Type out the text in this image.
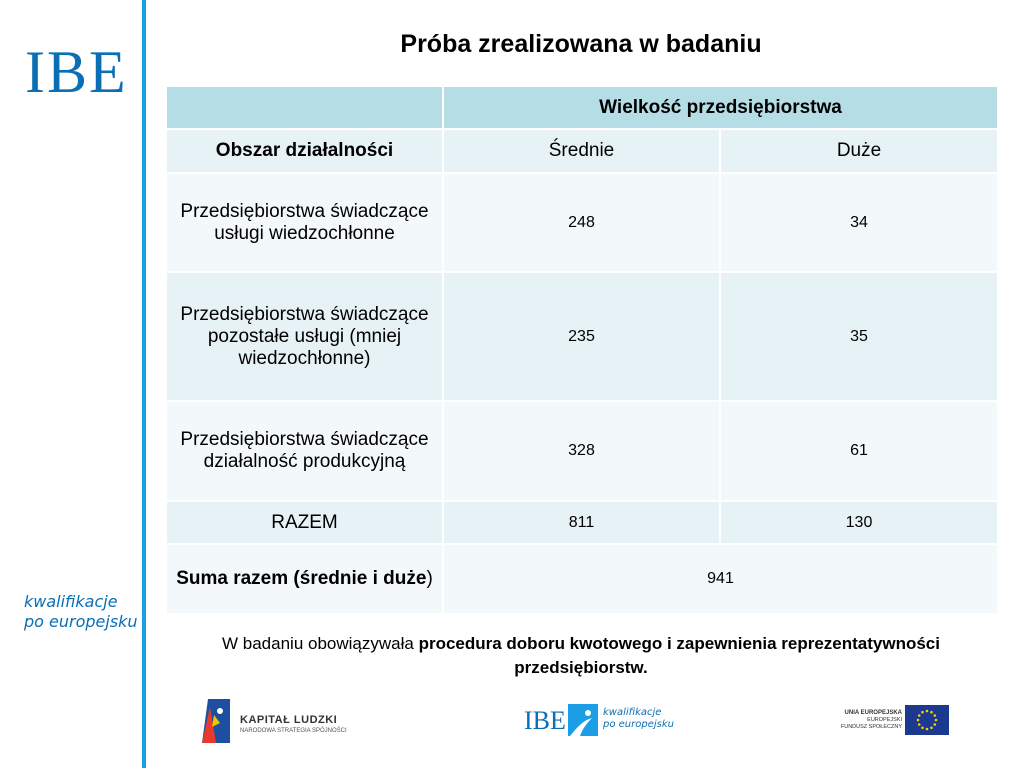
IBE
kwalifikacje
po europejsku
Próba zrealizowana w badaniu
	Wielkość przedsiębiorstwa	
Obszar działalności	Średnie	Duże
Przedsiębiorstwa świadczące usługi wiedzochłonne	248	34
Przedsiębiorstwa świadczące pozostałe usługi (mniej wiedzochłonne)	235	35
Przedsiębiorstwa świadczące działalność produkcyjną	328	61
RAZEM	811	130
Suma razem (średnie i duże)	941	
W badaniu obowiązywała procedura doboru kwotowego i zapewnienia reprezentatywności przedsiębiorstw.
KAPITAŁ LUDZKI
NARODOWA STRATEGIA SPÓJNOŚCI	IBE	kwalifikacje
po europejsku
UNIA EUROPEJSKA
EUROPEJSKI
FUNDUSZ SPOŁECZNY
